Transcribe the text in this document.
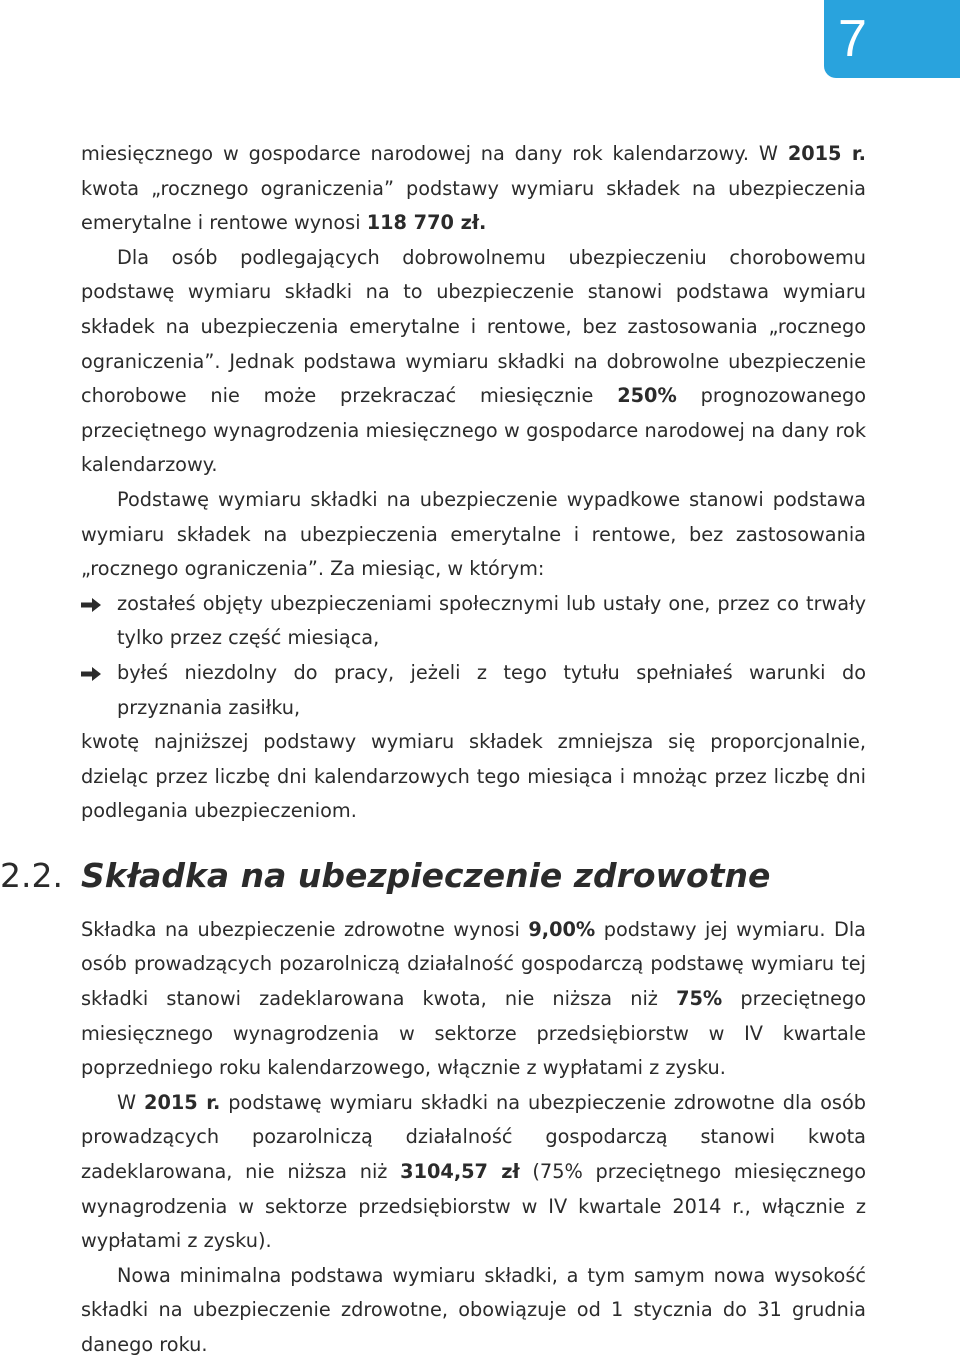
7

miesięcznego w gospodarce narodowej na dany rok kalendarzowy. W 2015 r. kwota „rocznego ograniczenia” podstawy wymiaru składek na ubezpieczenia emerytalne i rentowe wynosi 118 770 zł.

Dla osób podlegających dobrowolnemu ubezpieczeniu chorobowemu podstawę wymiaru składki na to ubezpieczenie stanowi podstawa wymiaru składek na ubezpieczenia emerytalne i rentowe, bez zastosowania „rocznego ograniczenia”. Jednak podstawa wymiaru składki na dobrowolne ubezpieczenie chorobowe nie może przekraczać miesięcznie 250% prognozowanego przeciętnego wynagrodzenia miesięcznego w gospodarce narodowej na dany rok kalendarzowy.

Podstawę wymiaru składki na ubezpieczenie wypadkowe stanowi podstawa wymiaru składek na ubezpieczenia emerytalne i rentowe, bez zastosowania „rocznego ograniczenia”. Za miesiąc, w którym:

zostałeś objęty ubezpieczeniami społecznymi lub ustały one, przez co trwały tylko przez część miesiąca,
byłeś niezdolny do pracy, jeżeli z tego tytułu spełniałeś warunki do przyznania zasiłku,

kwotę najniższej podstawy wymiaru składek zmniejsza się proporcjonalnie, dzieląc przez liczbę dni kalendarzowych tego miesiąca i mnożąc przez liczbę dni podlegania ubezpieczeniom.

2.2. Składka na ubezpieczenie zdrowotne

Składka na ubezpieczenie zdrowotne wynosi 9,00% podstawy jej wymiaru. Dla osób prowadzących pozarolniczą działalność gospodarczą podstawę wymiaru tej składki stanowi zadeklarowana kwota, nie niższa niż 75% przeciętnego miesięcznego wynagrodzenia w sektorze przedsiębiorstw w IV kwartale poprzedniego roku kalendarzowego, włącznie z wypłatami z zysku.

W 2015 r. podstawę wymiaru składki na ubezpieczenie zdrowotne dla osób prowadzących pozarolniczą działalność gospodarczą stanowi kwota zadeklarowana, nie niższa niż 3104,57 zł (75% przeciętnego miesięcznego wynagrodzenia w sektorze przedsiębiorstw w IV kwartale 2014 r., włącznie z wypłatami z zysku).

Nowa minimalna podstawa wymiaru składki, a tym samym nowa wysokość składki na ubezpieczenie zdrowotne, obowiązuje od 1 stycznia do 31 grudnia danego roku.
